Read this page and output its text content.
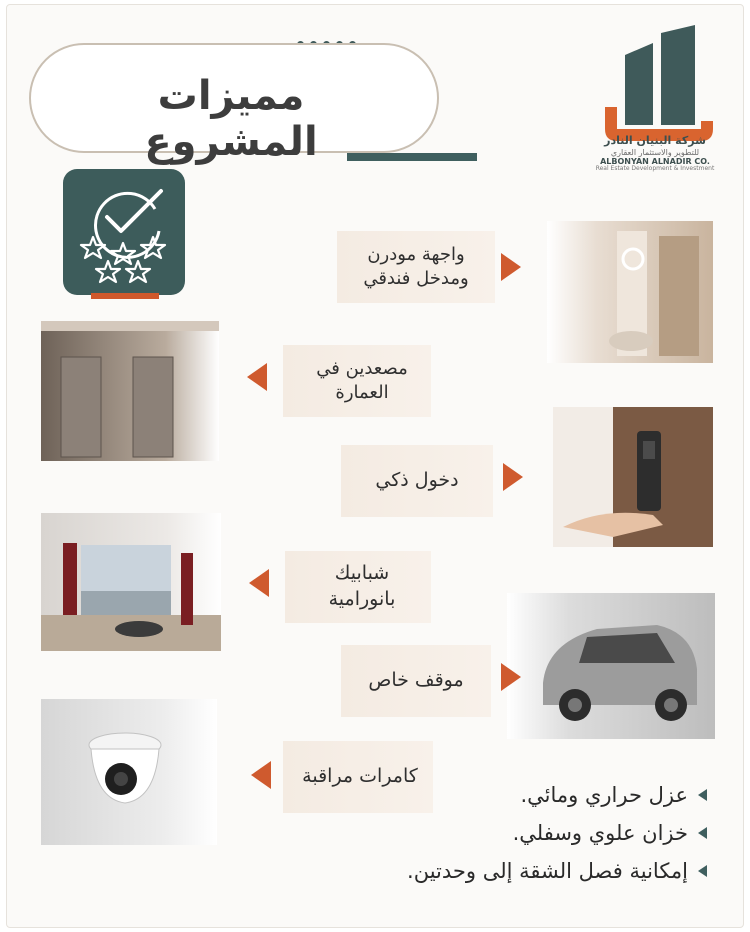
مميزات المشروع	شركة البنيان النادر
للتطوير والاستثمار العقاري
ALBONYAN ALNADIR CO.
Real Estate Development & Investment
واجهة مودرن ومدخل فندقي
مصعدين في العمارة
دخول ذكي
شبابيك بانورامية
موقف خاص
كامرات مراقبة
عزل حراري ومائي.
خزان علوي وسفلي.
إمكانية فصل الشقة إلى وحدتين.
